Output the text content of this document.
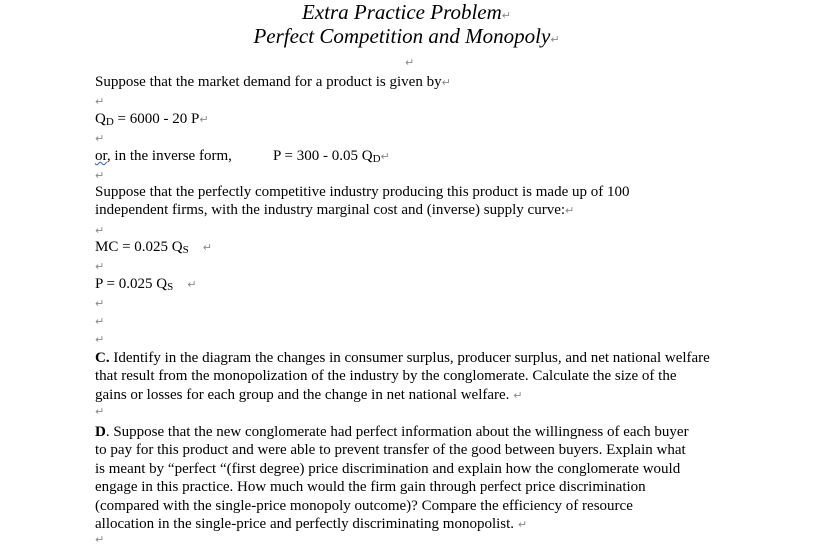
Extra Practice Problem↵
Perfect Competition and Monopoly↵
↵
Suppose that the market demand for a product is given by↵
↵
$Q_D = 6000 - 20$ P↵
↵
or, in the inverse form,	P = 300 - 0.05 $Q_D↵$
↵
Suppose that the perfectly competitive industry producing this product is made up of 100 independent firms, with the industry marginal cost and (inverse) supply curve:↵
↵
MC = 0.025 $Q_S$ ↵
↵
P = 0.025 $Q_S$ ↵
↵
↵
↵
C. Identify in the diagram the changes in consumer surplus, producer surplus, and net national welfare that result from the monopolization of the industry by the conglomerate. Calculate the size of the gains or losses for each group and the change in net national welfare. ↵
↵
D. Suppose that the new conglomerate had perfect information about the willingness of each buyer to pay for this product and were able to prevent transfer of the good between buyers. Explain what is meant by “perfect “(first degree) price discrimination and explain how the conglomerate would engage in this practice. How much would the firm gain through perfect price discrimination (compared with the single-price monopoly outcome)? Compare the efficiency of resource allocation in the single-price and perfectly discriminating monopolist. ↵
↵
